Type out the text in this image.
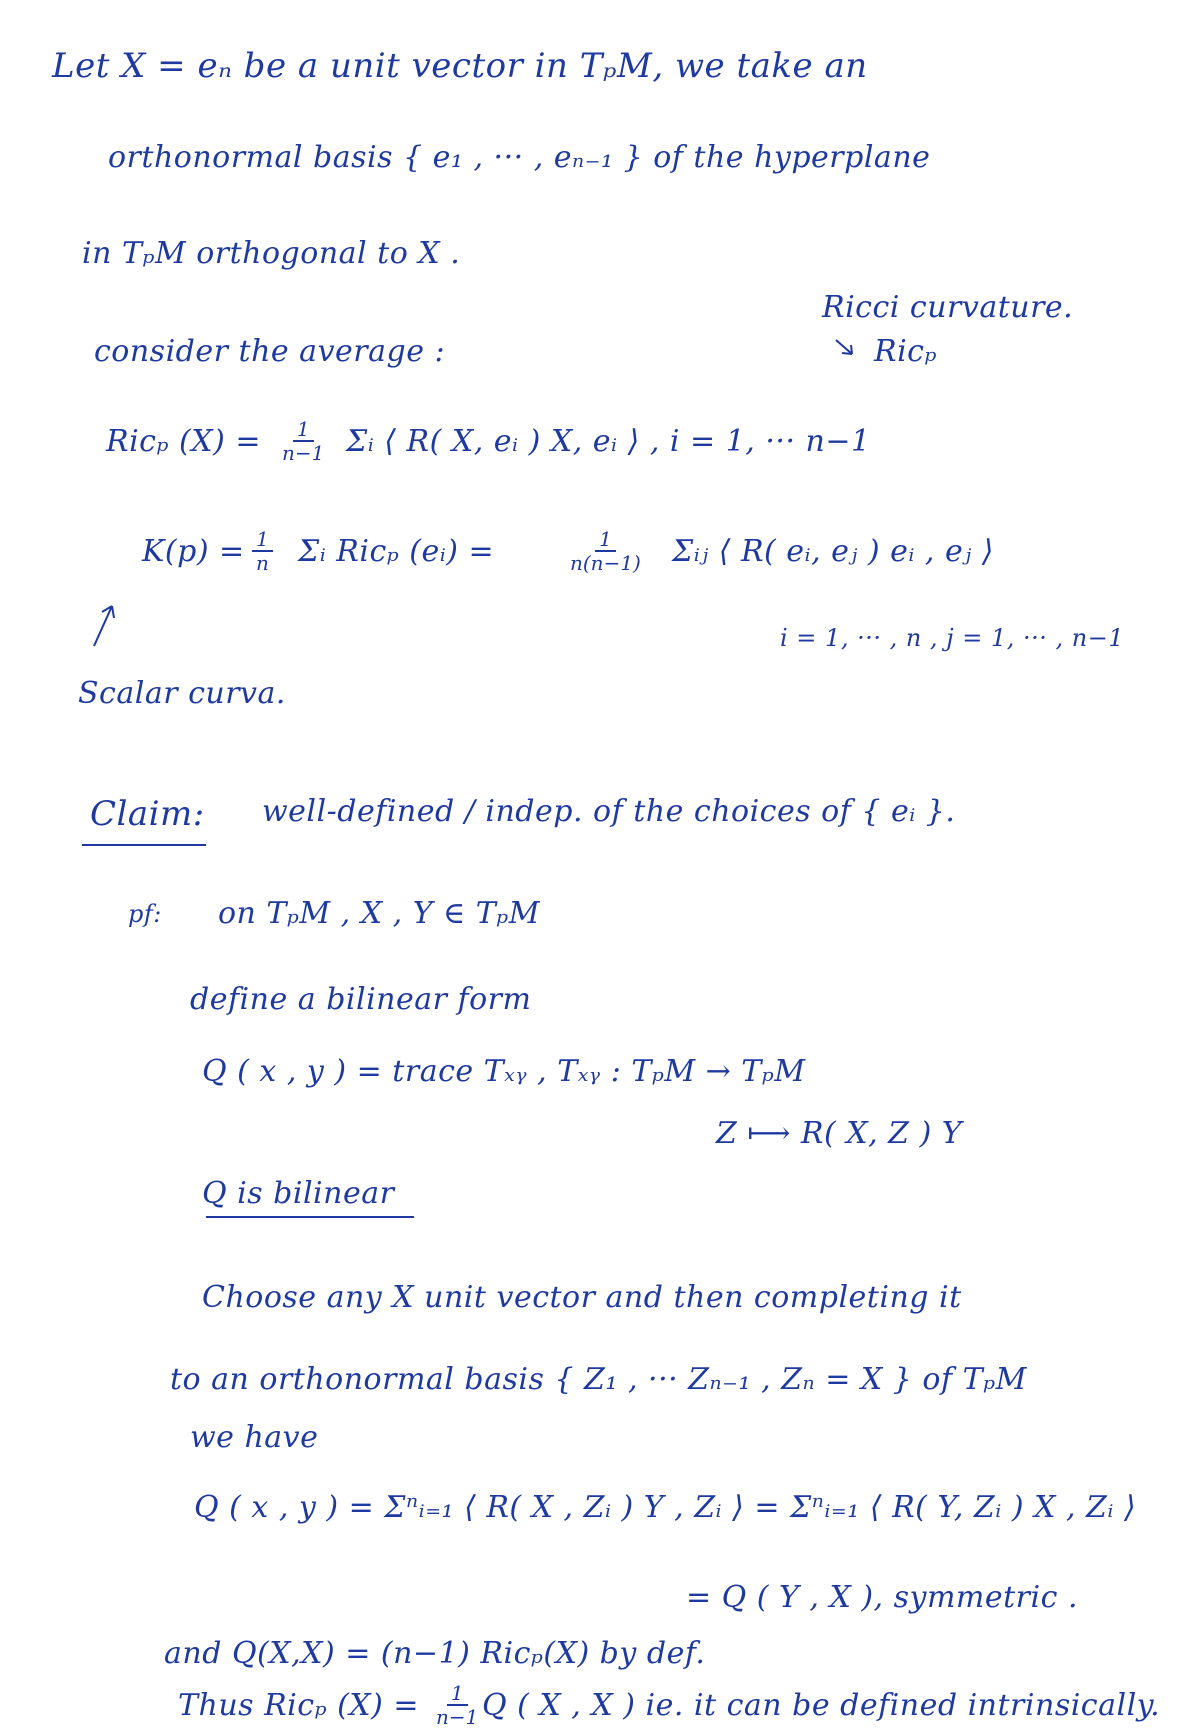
Let X = eₙ be a unit vector in TₚM, we take an
orthonormal basis { e₁ , ··· , eₙ₋₁ } of the hyperplane
in TₚM orthogonal to X .
Ricci curvature.
Ricₚ
consider the average :
Ricₚ $(X) = \frac{1}{n-1}$ Σᵢ ⟨ R( X, eᵢ ) X, eᵢ ⟩ , i = 1, ··· n−1
$K(p) = \frac{1}{n}$ Σᵢ Ricₚ (eᵢ) =	$\frac{1}{n(n-1)}$ Σᵢⱼ ⟨ R( eᵢ, eⱼ ) eᵢ , eⱼ ⟩
i = 1, ··· , n , j = 1, ··· , n−1
Scalar curva.
Claim: well-defined / indep. of the choices of { eᵢ }.
pf: on TₚM , X , Y ∈ TₚM
define a bilinear form
Q ( x , y ) = trace Tₓᵧ , Tₓᵧ : TₚM → TₚM
Z ⟼ R( X, Z ) Y
Q is bilinear
Choose any X unit vector and then completing it
to an orthonormal basis { Z₁ , ··· Zₙ₋₁ , Zₙ = X } of TₚM
we have
Q ( x , y ) = Σⁿᵢ₌₁ ⟨ R( X , Zᵢ ) Y , Zᵢ ⟩ = Σⁿᵢ₌₁ ⟨ R( Y, Zᵢ ) X , Zᵢ ⟩
= Q ( Y , X ), symmetric .
and Q(X,X) = (n−1) Ricₚ(X) by def.
Thus Ricₚ $(X) = \frac{1}{n-1}$ Q ( X , X ) ie. it can be defined intrinsically.
